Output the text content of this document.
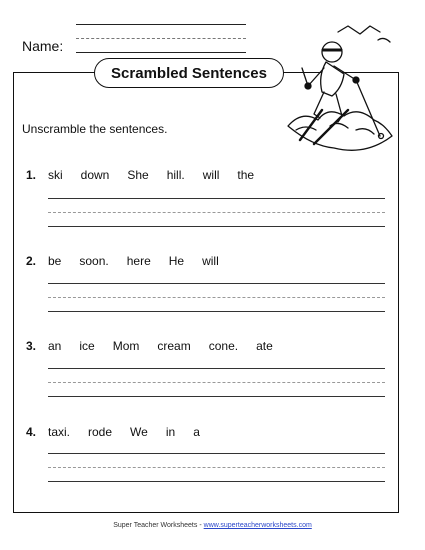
Name:
Scrambled Sentences
Unscramble the sentences.
1. ski down She hill. will the
2. be soon. here He will
3. an ice Mom cream cone. ate
4. taxi. rode We in a
Super Teacher Worksheets - www.superteacherworksheets.com
